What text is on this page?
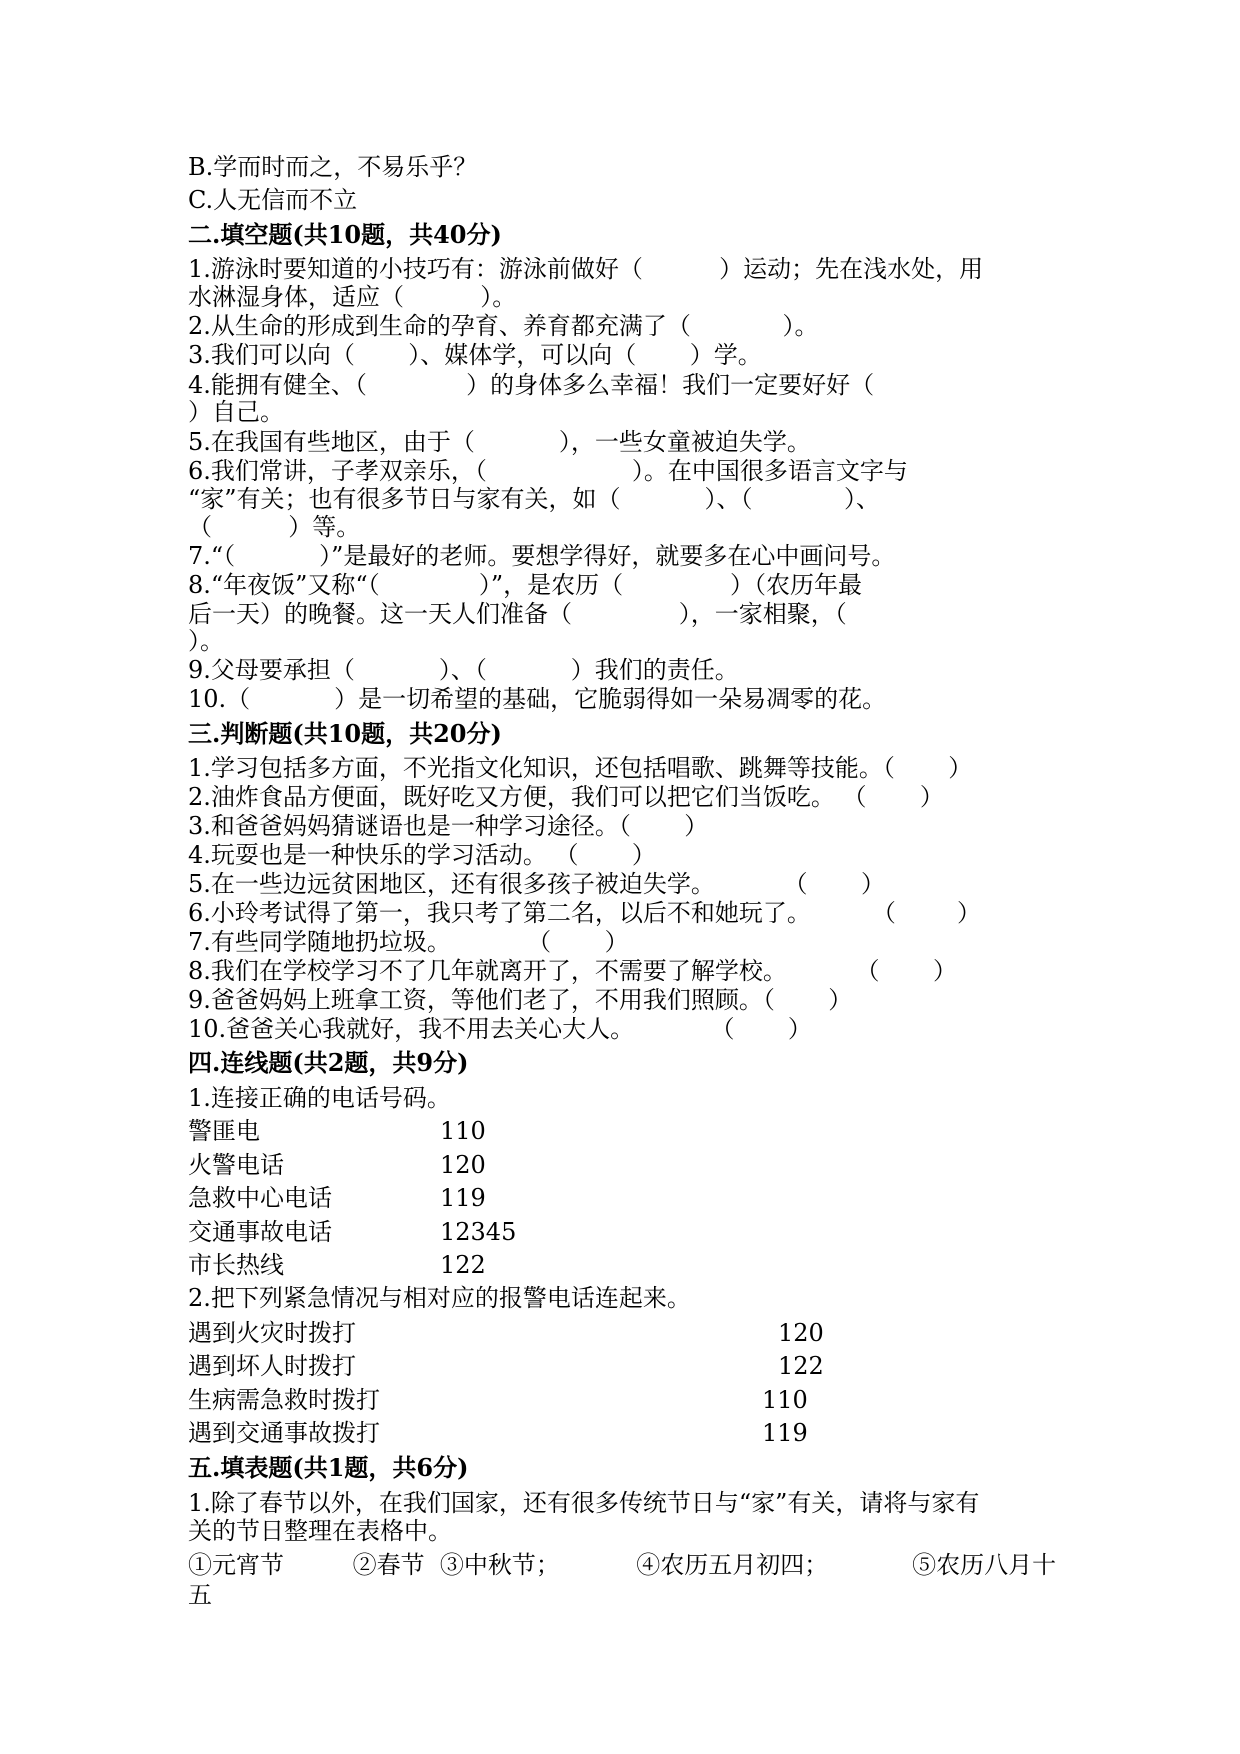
B.学而时而之，不易乐乎？
C.人无信而不立
二.填空题(共10题，共40分)
1.游泳时要知道的小技巧有：游泳前做好（          ）运动；先在浅水处，用
水淋湿身体，适应（          ）。
2.从生命的形成到生命的孕育、养育都充满了（            ）。
3.我们可以向（       ）、媒体学，可以向（       ）学。
4.能拥有健全、（             ）的身体多么幸福！我们一定要好好（
）自己。
5.在我国有些地区，由于（           ），一些女童被迫失学。
6.我们常讲，子孝双亲乐，（                   ）。在中国很多语言文字与
“家”有关；也有很多节日与家有关，如（           ）、（            ）、
（          ）等。
7.“（           ）”是最好的老师。要想学得好，就要多在心中画问号。
8.“年夜饭”又称“（             ）”，是农历（              ）（农历年最
后一天）的晚餐。这一天人们准备（              ），一家相聚，（
）。
9.父母要承担（           ）、（           ）我们的责任。
10.（           ）是一切希望的基础，它脆弱得如一朵易凋零的花。
三.判断题(共10题，共20分)
1.学习包括多方面，不光指文化知识，还包括唱歌、跳舞等技能。（       ）
2.油炸食品方便面，既好吃又方便，我们可以把它们当饭吃。 （       ）
3.和爸爸妈妈猜谜语也是一种学习途径。（       ）
4.玩耍也是一种快乐的学习活动。 （       ）
5.在一些边远贫困地区，还有很多孩子被迫失学。         （       ）
6.小玲考试得了第一，我只考了第二名，以后不和她玩了。        （        ）
7.有些同学随地扔垃圾。          （       ）
8.我们在学校学习不了几年就离开了，不需要了解学校。         （       ）
9.爸爸妈妈上班拿工资，等他们老了，不用我们照顾。（       ）
10.爸爸关心我就好，我不用去关心大人。          （       ）
四.连线题(共2题，共9分)
1.连接正确的电话号码。
警匪电	110
火警电话	120
急救中心电话	119
交通事故电话	12345
市长热线	122
2.把下列紧急情况与相对应的报警电话连起来。
遇到火灾时拨打	120
遇到坏人时拨打	122
生病需急救时拨打	110
遇到交通事故拨打	119
五.填表题(共1题，共6分)
1.除了春节以外，在我们国家，还有很多传统节日与“家”有关，请将与家有
关的节日整理在表格中。
①元宵节         ②春节  ③中秋节；          ④农历五月初四；           ⑤农历八月十
五
